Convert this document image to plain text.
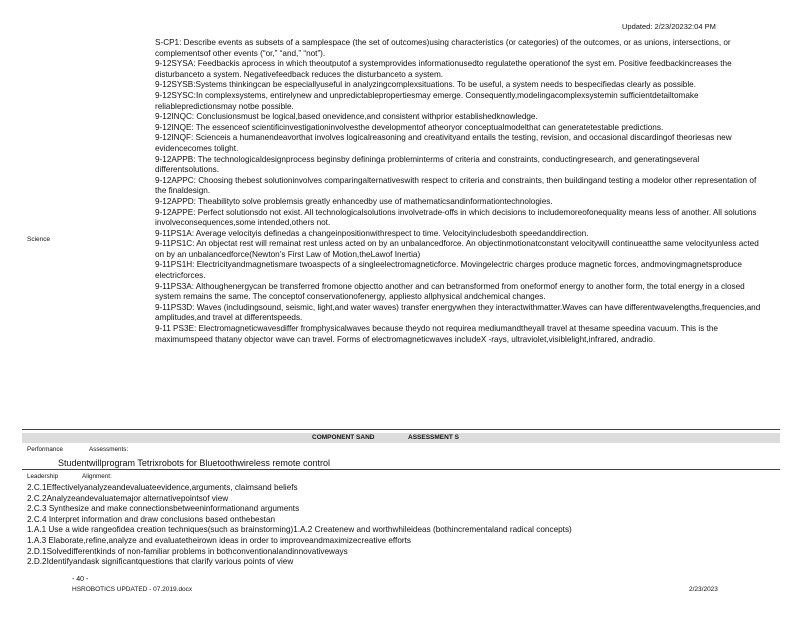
Updated: 2/23/20232:04 PM

S-CP1: Describe events as subsets of a samplespace (the set of outcomes)using characteristics (or categories) of the outcomes, or as unions, intersections, or complementsof other events (“or,” “and,” “not”).

9-12SYSA: Feedbackis aprocess in which theoutputof a systemprovides informationusedto regulatethe operationof the syst em. Positive feedbackincreases the disturbanceto a system. Negativefeedback reduces the disturbanceto a system.

9-12SYSB:Systems thinkingcan be especiallyuseful in analyzingcomplexsituations. To be useful, a system needs to bespecifiedas clearly as possible.

9-12SYSC:In complexsystems, entirelynew and unpredictablepropertiesmay emerge. Consequently,modelingacomplexsystemin sufficientdetailtomake reliablepredictionsmay notbe possible.

9-12INQC: Conclusionsmust be logical,based onevidence,and consistent withprior establishedknowledge.

9-12INQE: The essenceof scientificinvestigationinvolvesthe developmentof atheoryor conceptualmodelthat can generatetestable predictions.

9-12INQF: Scienceis a humanendeavorthat involves logicalreasoning and creativityand entails the testing, revision, and occasional discardingof theoriesas new evidencecomes tolight.

9-12APPB: The technologicaldesignprocess beginsby defininga probleminterms of criteria and constraints, conductingresearch, and generatingseveral differentsolutions.

9-12APPC: Choosing thebest solutioninvolves comparingalternativeswith respect to criteria and constraints, then buildingand testing a modelor other representation of the finaldesign.

9-12APPD: Theabilityto solve problemsis greatly enhancedby use of mathematicsandinformationtechnologies.

9-12APPE: Perfect solutionsdo not exist. All technologicalsolutions involvetrade-offs in which decisions to includemoreofonequality means less of another. All solutions involveconsequences,some intended,others not.

9-11PS1A: Average velocityis definedas a changeinpositionwithrespect to time. Velocityincludesboth speedanddirection.

9-11PS1C: An objectat rest will remainat rest unless acted on by an unbalancedforce. An objectinmotionatconstant velocitywill continueatthe same velocityunless acted on by an unbalancedforce(Newton’s First Law of Motion,theLawof Inertia)

9-11PS1H: Electricityandmagnetismare twoaspects of a singleelectromagneticforce. Movingelectric charges produce magnetic forces, andmovingmagnetsproduce electricforces.

9-11PS3A: Althoughenergycan be transferred fromone objectto another and can betransformed from oneformof energy to another form, the total energy in a closed system remains the same. The conceptof conservationofenergy, appliesto allphysical andchemical changes.

9-11PS3D: Waves (includingsound, seismic, light,and water waves) transfer energywhen they interactwithmatter.Waves can have differentwavelengths,frequencies,and amplitudes,and travel at differentspeeds.

9-11 PS3E: Electromagneticwavesdiffer fromphysicalwaves because theydo not requirea mediumandtheyall travel at thesame speedina vacuum. This is the maximumspeed thatany objector wave can travel. Forms of electromagneticwaves includeX -rays, ultraviolet,visiblelight,infrared, andradio.

Science
COMPONENT SAND	ASSESSMENT S
Performance	Assessments:
Studentwillprogram Tetrixrobots for Bluetoothwireless remote control
Leadership	Alignment:
2.C.1Effectivelyanalyzeandevaluateevidence,arguments, claimsand beliefs
2.C.2Analyzeandevaluatemajor alternativepointsof view
2.C.3 Synthesize and make connectionsbetweeninformationand arguments
2.C.4 Interpret information and draw conclusions based onthebestan
1.A.1 Use a wide rangeofidea creation techniques(such as brainstorming)1.A.2 Createnew and worthwhileideas (bothincrementaland radical concepts)
1.A.3 Elaborate,refine,analyze and evaluatetheirown ideas in order to improveandmaximizecreative efforts
2.D.1Solvedifferentkinds of non-familiar problems in bothconventionalandinnovativeways
2.D.2Identifyandask significantquestions that clarify various points of view
- 40 -
HSROBOTICS UPDATED - 07.2019.docx	2/23/2023
